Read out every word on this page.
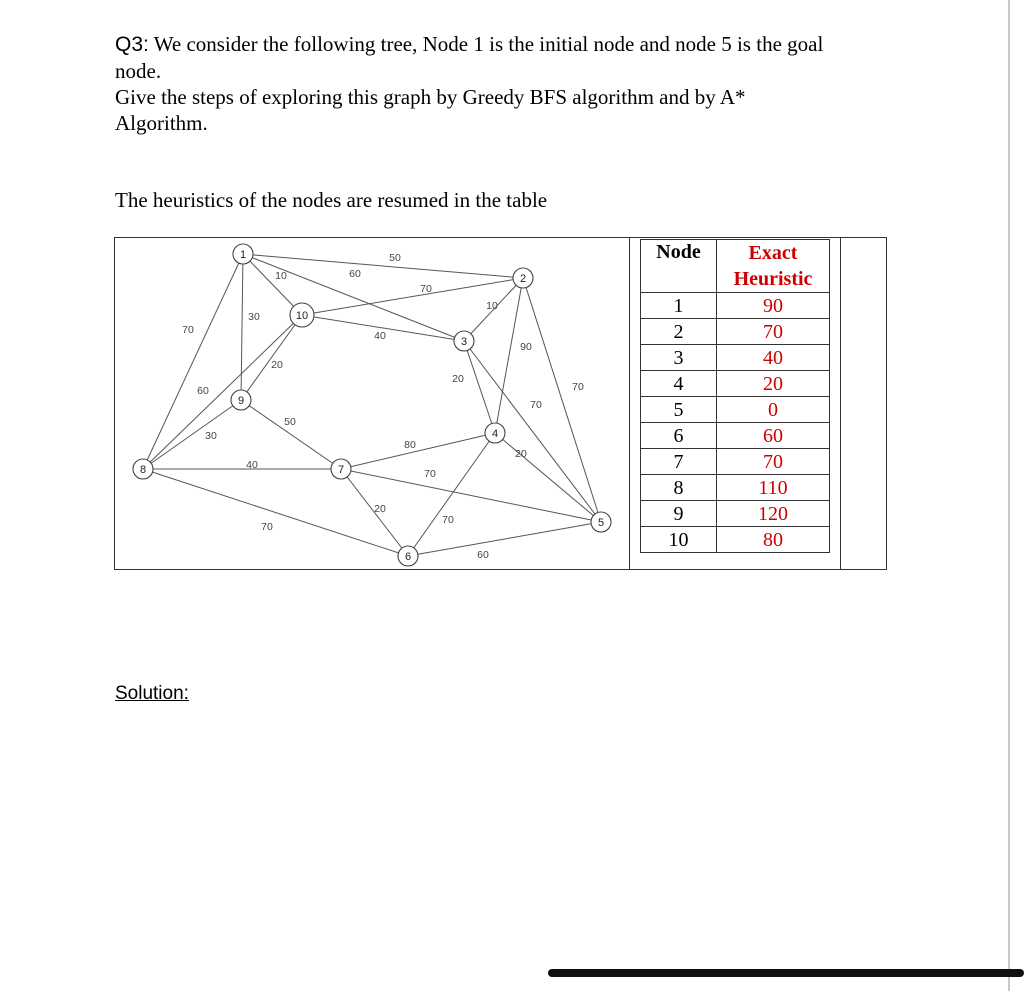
Q3: We consider the following tree, Node 1 is the initial node and node 5 is the goal
node.
Give the steps of exploring this graph by Greedy BFS algorithm and by A*
Algorithm.
The heuristics of the nodes are resumed in the table
50
60
10
30
70
70
40
20
10
90
70
20
70
60
50
30
40
70
80
70
20
70
60
20
1
2
3
4
5
6
7
8
9
10
Node	Exact
Heuristic
1	90
2	70
3	40
4	20
5	0
6	60
7	70
8	110
9	120
10	80
Solution:
